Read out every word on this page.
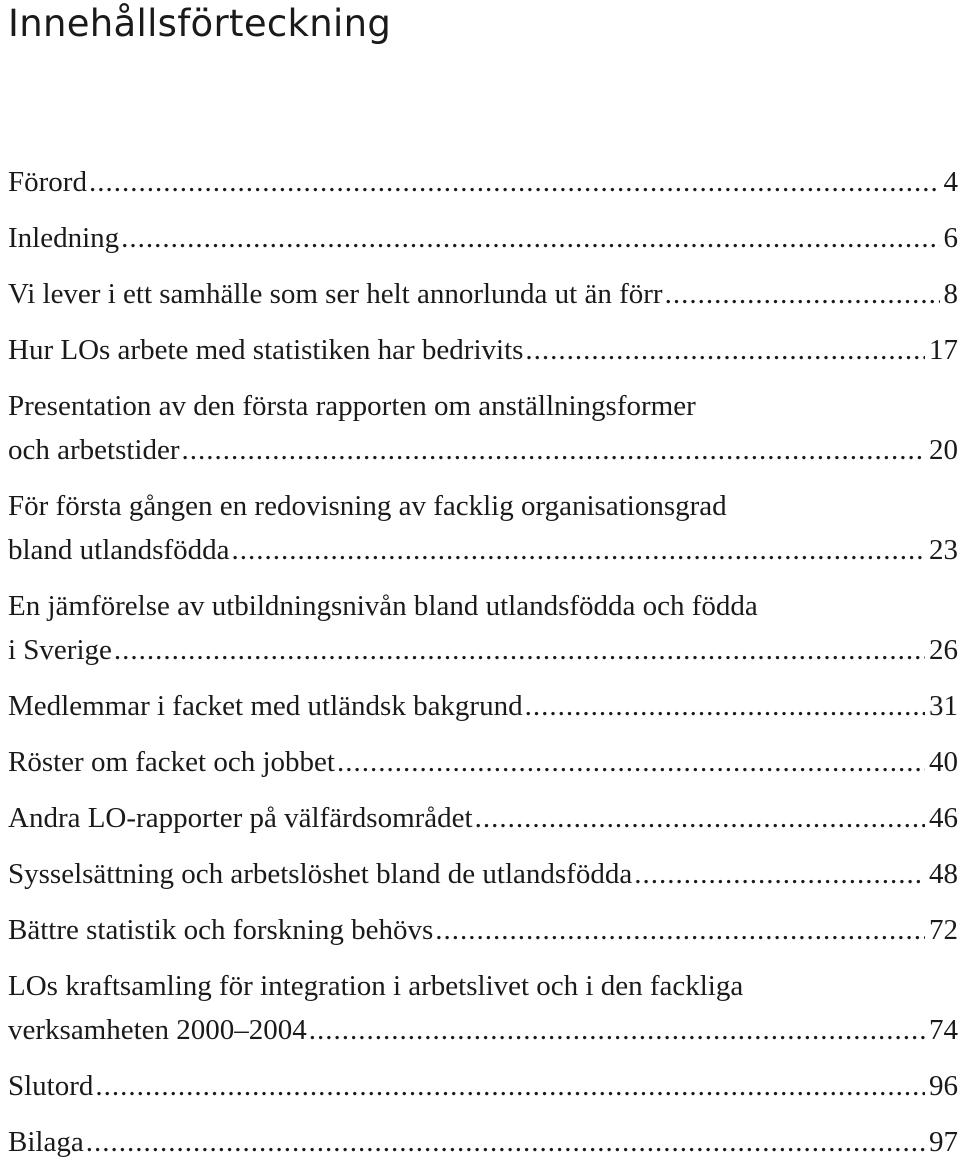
Innehållsförteckning
Förord .....	4
Inledning .....	6
Vi lever i ett samhälle som ser helt annorlunda ut än förr .....	8
Hur LOs arbete med statistiken har bedrivits .....	17
Presentation av den första rapporten om anställningsformer
och arbetstider .....	20
För första gången en redovisning av facklig organisationsgrad
bland utlandsfödda .....	23
En jämförelse av utbildningsnivån bland utlandsfödda och födda
i Sverige .....	26
Medlemmar i facket med utländsk bakgrund .....	31
Röster om facket och jobbet .....	40
Andra LO-rapporter på välfärdsområdet .....	46
Sysselsättning och arbetslöshet bland de utlandsfödda .....	48
Bättre statistik och forskning behövs .....	72
LOs kraftsamling för integration i arbetslivet och i den fackliga
verksamheten 2000–2004 .....	74
Slutord .....	96
Bilaga .....	97
